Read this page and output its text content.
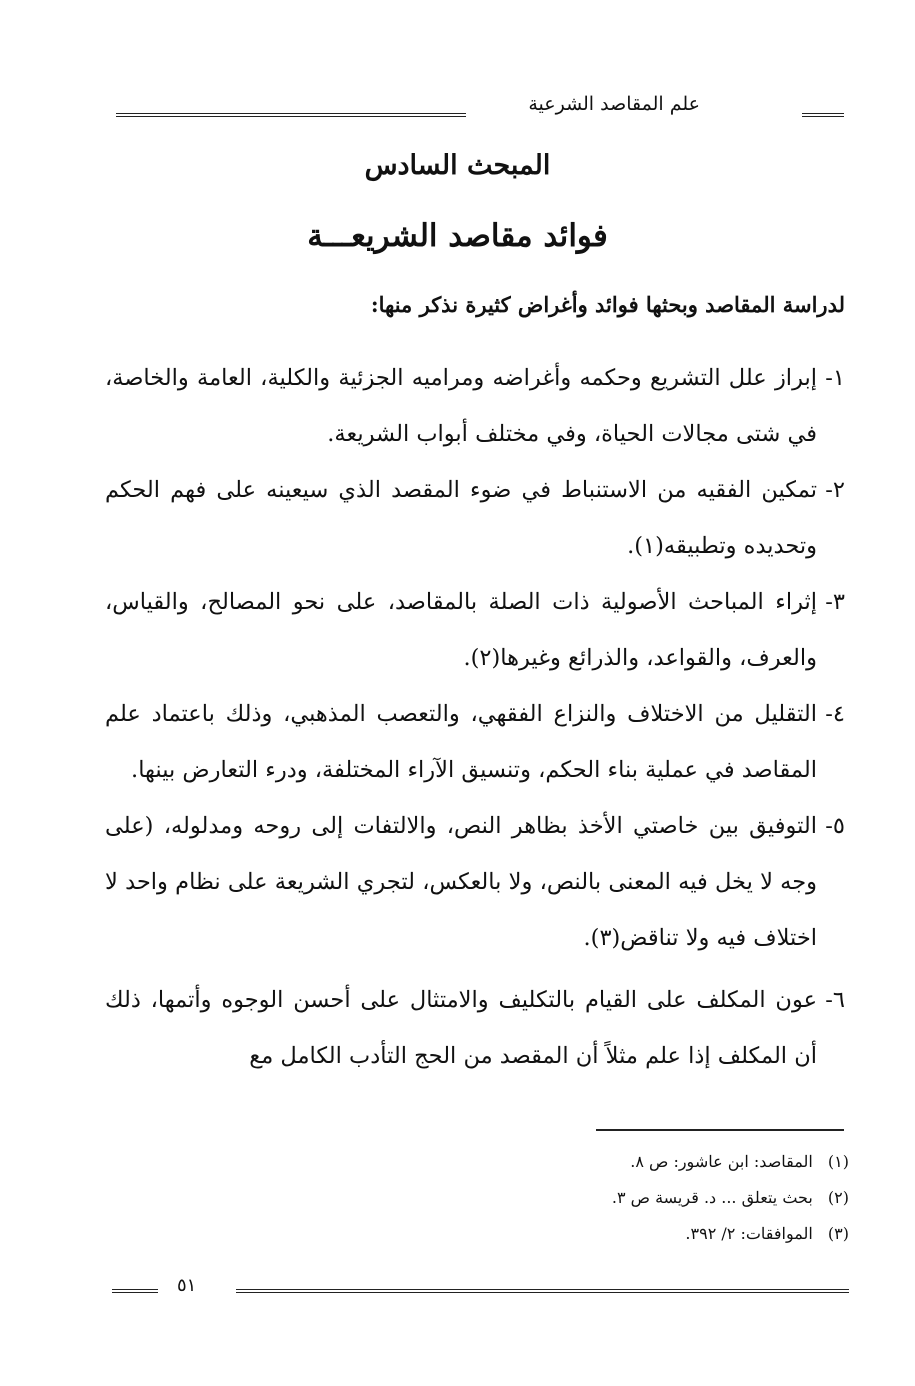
علم المقاصد الشرعية
المبحث السادس
فوائد مقاصد الشريعـــة
لدراسة المقاصد وبحثها فوائد وأغراض كثيرة نذكر منها:
١-
إبراز علل التشريع وحكمه وأغراضه ومراميه الجزئية والكلية، العامة والخاصة، في شتى مجالات الحياة، وفي مختلف أبواب الشريعة.
٢-
تمكين الفقيه من الاستنباط في ضوء المقصد الذي سيعينه على فهم الحكم وتحديده وتطبيقه(١).
٣-
إثراء المباحث الأصولية ذات الصلة بالمقاصد، على نحو المصالح، والقياس، والعرف، والقواعد، والذرائع وغيرها(٢).
٤-
التقليل من الاختلاف والنزاع الفقهي، والتعصب المذهبي، وذلك باعتماد علم المقاصد في عملية بناء الحكم، وتنسيق الآراء المختلفة، ودرء التعارض بينها.
٥-
التوفيق بين خاصتي الأخذ بظاهر النص، والالتفات إلى روحه ومدلوله، (على وجه لا يخل فيه المعنى بالنص، ولا بالعكس، لتجري الشريعة على نظام واحد لا اختلاف فيه ولا تناقض(٣).
٦-
عون المكلف على القيام بالتكليف والامتثال على أحسن الوجوه وأتمها، ذلك أن المكلف إذا علم مثلاً أن المقصد من الحج التأدب الكامل مع
(١) المقاصد: ابن عاشور: ص ٨.
(٢) بحث يتعلق ... د. قريسة ص ٣.
(٣) الموافقات: ٢/ ٣٩٢.
٥١
